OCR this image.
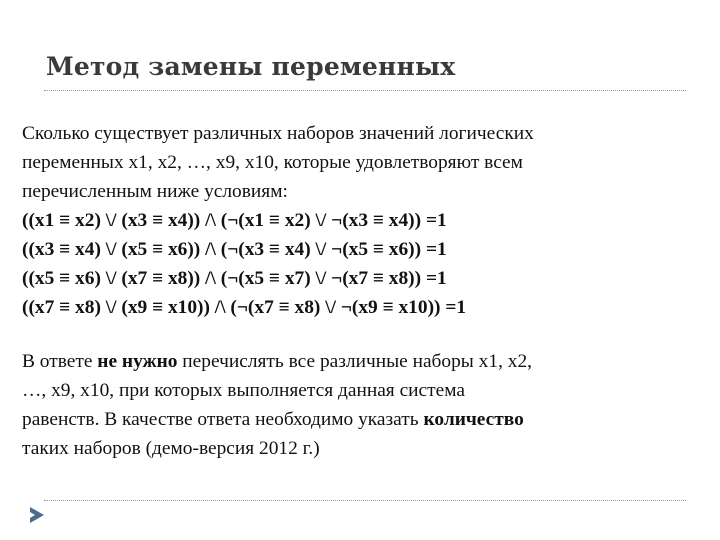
Метод замены переменных
Сколько существует различных наборов значений логических
переменных x1, x2, …, x9, x10, которые удовлетворяют всем
перечисленным ниже условиям:
((x1 ≡ x2) \/ (x3 ≡ x4)) /\ (¬(x1 ≡ x2) \/ ¬(x3 ≡ x4)) =1
((x3 ≡ x4) \/ (x5 ≡ x6)) /\ (¬(x3 ≡ x4) \/ ¬(x5 ≡ x6)) =1
((x5 ≡ x6) \/ (x7 ≡ x8)) /\ (¬(x5 ≡ x7) \/ ¬(x7 ≡ x8)) =1
((x7 ≡ x8) \/ (x9 ≡ x10)) /\ (¬(x7 ≡ x8) \/ ¬(x9 ≡ x10)) =1
В ответе не нужно перечислять все различные наборы x1, x2,
…, x9, x10, при которых выполняется данная система
равенств. В качестве ответа необходимо указать количество
таких наборов (демо-версия 2012 г.)
